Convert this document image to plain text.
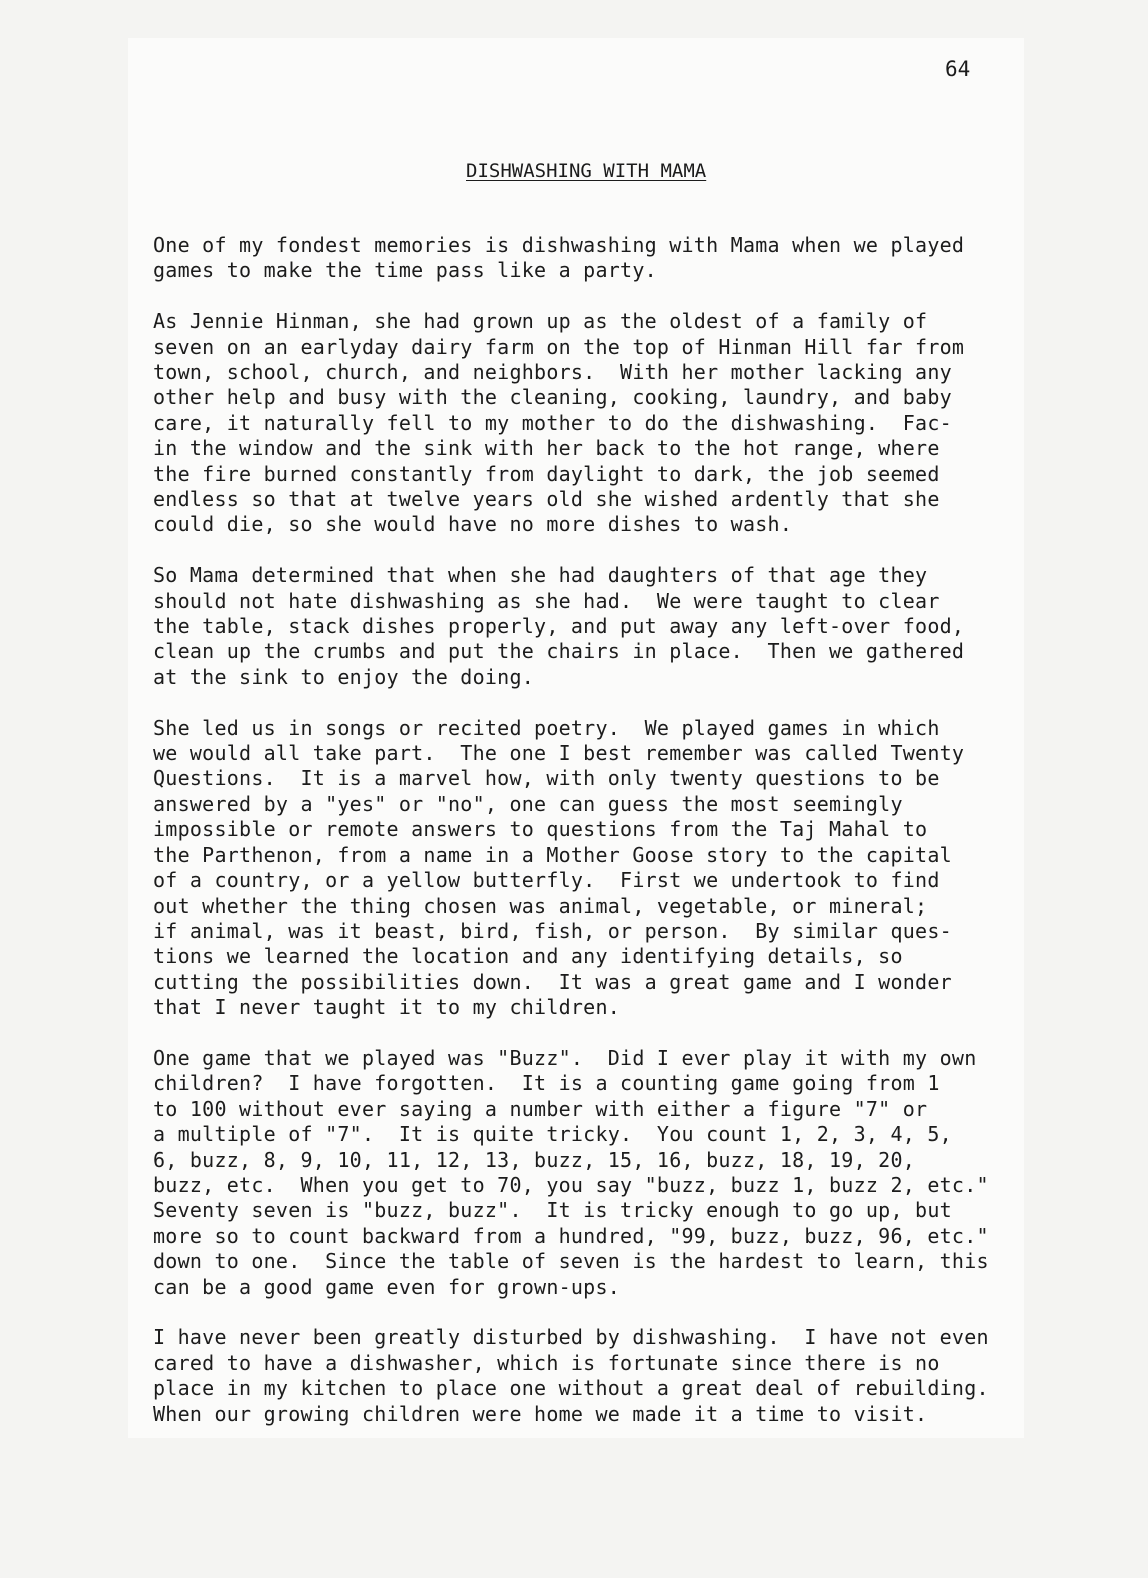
64
DISHWASHING WITH MAMA
One of my fondest memories is dishwashing with Mama when we played
games to make the time pass like a party.
As Jennie Hinman, she had grown up as the oldest of a family of
seven on an earlyday dairy farm on the top of Hinman Hill far from
town, school, church, and neighbors.  With her mother lacking any
other help and busy with the cleaning, cooking, laundry, and baby
care, it naturally fell to my mother to do the dishwashing.  Fac-
in the window and the sink with her back to the hot range, where
the fire burned constantly from daylight to dark, the job seemed
endless so that at twelve years old she wished ardently that she
could die, so she would have no more dishes to wash.
So Mama determined that when she had daughters of that age they
should not hate dishwashing as she had.  We were taught to clear
the table, stack dishes properly, and put away any left-over food,
clean up the crumbs and put the chairs in place.  Then we gathered
at the sink to enjoy the doing.
She led us in songs or recited poetry.  We played games in which
we would all take part.  The one I best remember was called Twenty
Questions.  It is a marvel how, with only twenty questions to be
answered by a "yes" or "no", one can guess the most seemingly
impossible or remote answers to questions from the Taj Mahal to
the Parthenon, from a name in a Mother Goose story to the capital
of a country, or a yellow butterfly.  First we undertook to find
out whether the thing chosen was animal, vegetable, or mineral;
if animal, was it beast, bird, fish, or person.  By similar ques-
tions we learned the location and any identifying details, so
cutting the possibilities down.  It was a great game and I wonder
that I never taught it to my children.
One game that we played was "Buzz".  Did I ever play it with my own
children?  I have forgotten.  It is a counting game going from 1
to 100 without ever saying a number with either a figure "7" or
a multiple of "7".  It is quite tricky.  You count 1, 2, 3, 4, 5,
6, buzz, 8, 9, 10, 11, 12, 13, buzz, 15, 16, buzz, 18, 19, 20,
buzz, etc.  When you get to 70, you say "buzz, buzz 1, buzz 2, etc."
Seventy seven is "buzz, buzz".  It is tricky enough to go up, but
more so to count backward from a hundred, "99, buzz, buzz, 96, etc."
down to one.  Since the table of seven is the hardest to learn, this
can be a good game even for grown-ups.
I have never been greatly disturbed by dishwashing.  I have not even
cared to have a dishwasher, which is fortunate since there is no
place in my kitchen to place one without a great deal of rebuilding.
When our growing children were home we made it a time to visit.
